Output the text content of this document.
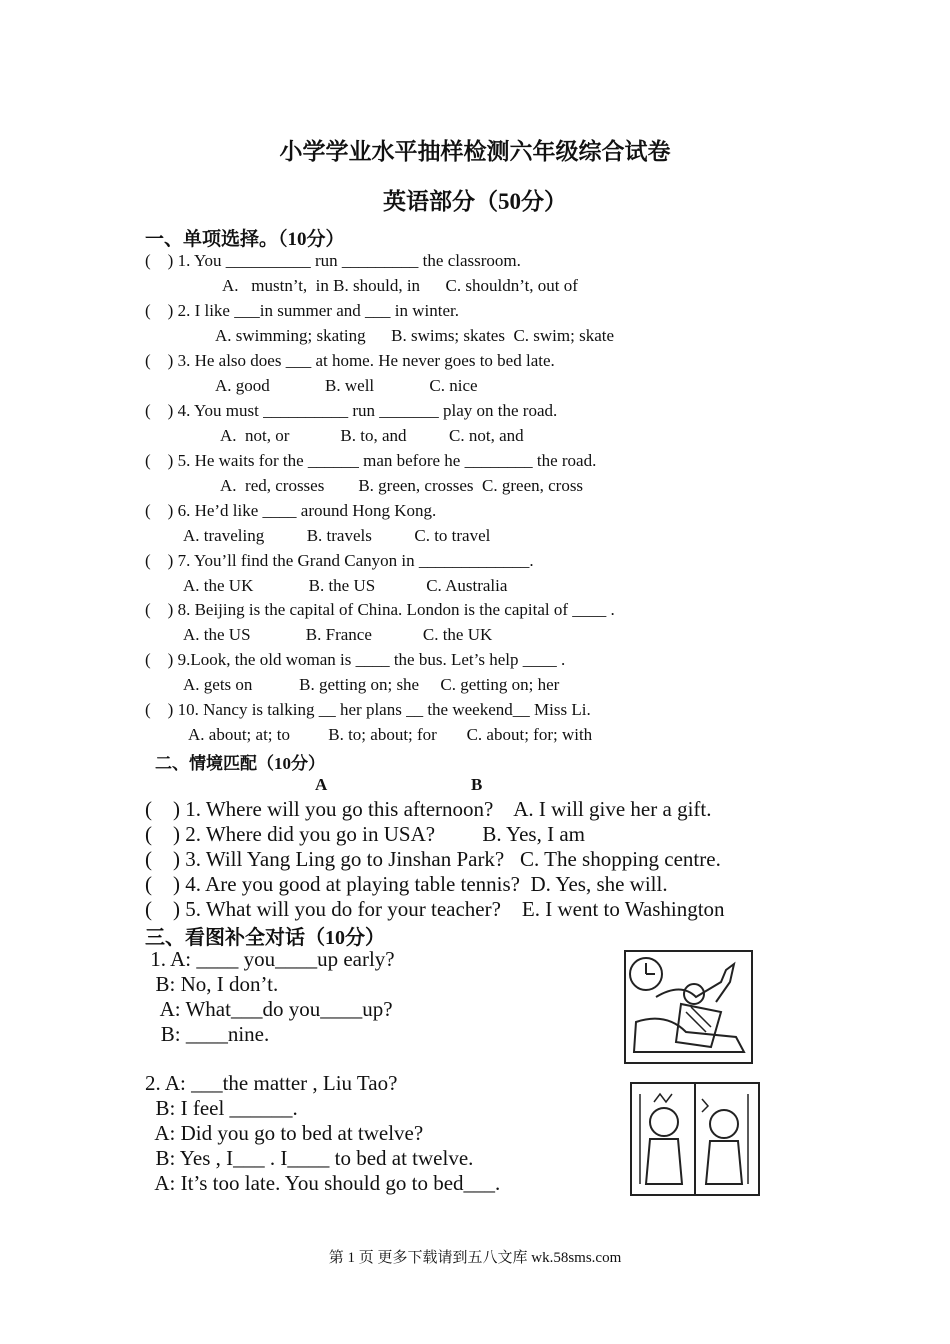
小学学业水平抽样检测六年级综合试卷
英语部分（50分）
一、单项选择。（10分）
(    ) 1. You __________ run _________ the classroom.
A.   mustn’t,  in B. should, in      C. shouldn’t, out of
(    ) 2. I like ___in summer and ___ in winter.
A. swimming; skating      B. swims; skates  C. swim; skate
(    ) 3. He also does ___ at home. He never goes to bed late.
A. good             B. well             C. nice
(    ) 4. You must __________ run _______ play on the road.
A.  not, or            B. to, and          C. not, and
(    ) 5. He waits for the ______ man before he ________ the road.
A.  red, crosses        B. green, crosses  C. green, cross
(    ) 6. He’d like ____ around Hong Kong.
A. traveling          B. travels          C. to travel
(    ) 7. You’ll find the Grand Canyon in _____________.
A. the UK             B. the US            C. Australia
(    ) 8. Beijing is the capital of China. London is the capital of ____ .
A. the US             B. France            C. the UK
(    ) 9.Look, the old woman is ____ the bus. Let’s help ____ .
A. gets on           B. getting on; she     C. getting on; her
(    ) 10. Nancy is talking __ her plans __ the weekend__ Miss Li.
A. about; at; to         B. to; about; for       C. about; for; with
二、情境匹配（10分）
A	B
(    ) 1. Where will you go this afternoon?    A. I will give her a gift.
(    ) 2. Where did you go in USA?         B. Yes, I am
(    ) 3. Will Yang Ling go to Jinshan Park?   C. The shopping centre.
(    ) 4. Are you good at playing table tennis?  D. Yes, she will.
(    ) 5. What will you do for your teacher?    E. I went to Washington
三、看图补全对话（10分）
1. A: ____ you____up early?
B: No, I don’t.
A: What___do you____up?
B: ____nine.
2. A: ___the matter , Liu Tao?
B: I feel ______.
A: Did you go to bed at twelve?
B: Yes , I___ . I____ to bed at twelve.
A: It’s too late. You should go to bed___.
第 1 页 更多下载请到五八文库 wk.58sms.com
